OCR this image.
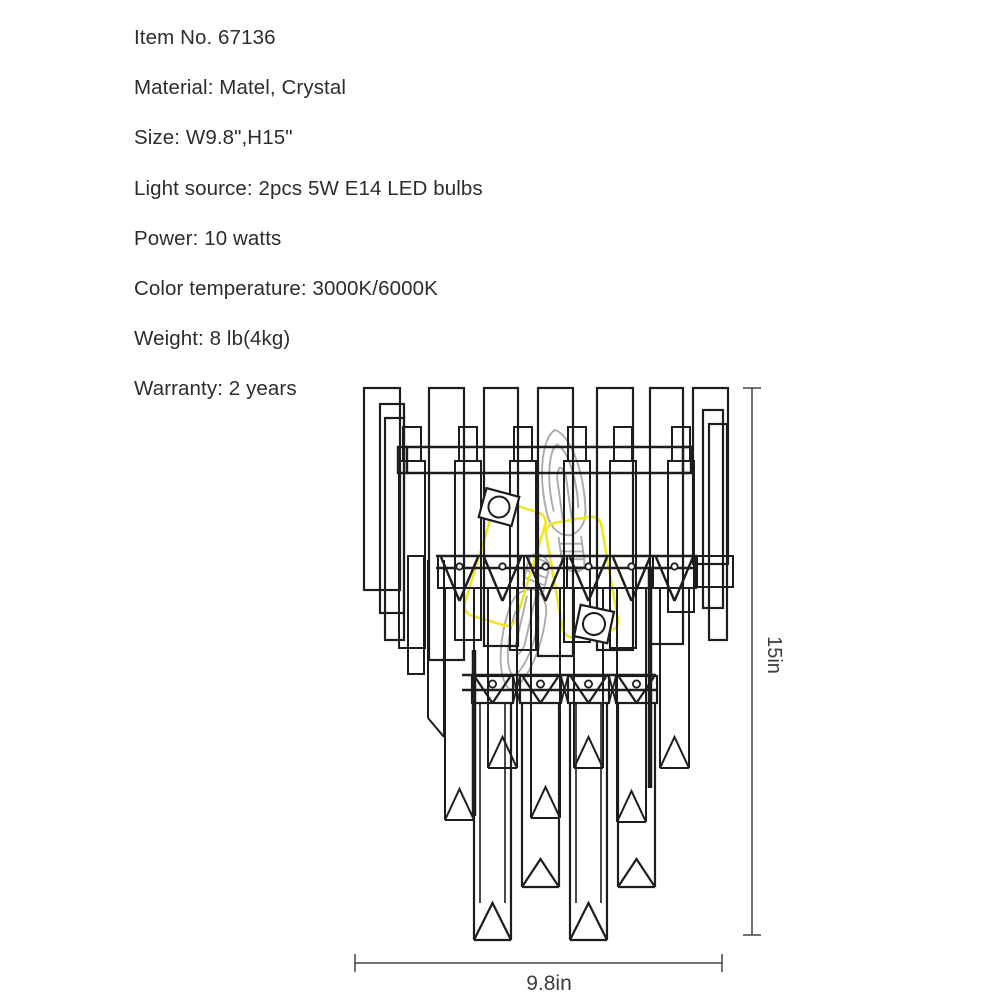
Item No. 67136

Material: Matel, Crystal

Size: W9.8",H15"

Light source: 2pcs 5W E14 LED bulbs

Power: 10 watts

Color temperature: 3000K/6000K

Weight: 8 lb(4kg)

Warranty: 2 years

15in
9.8in
